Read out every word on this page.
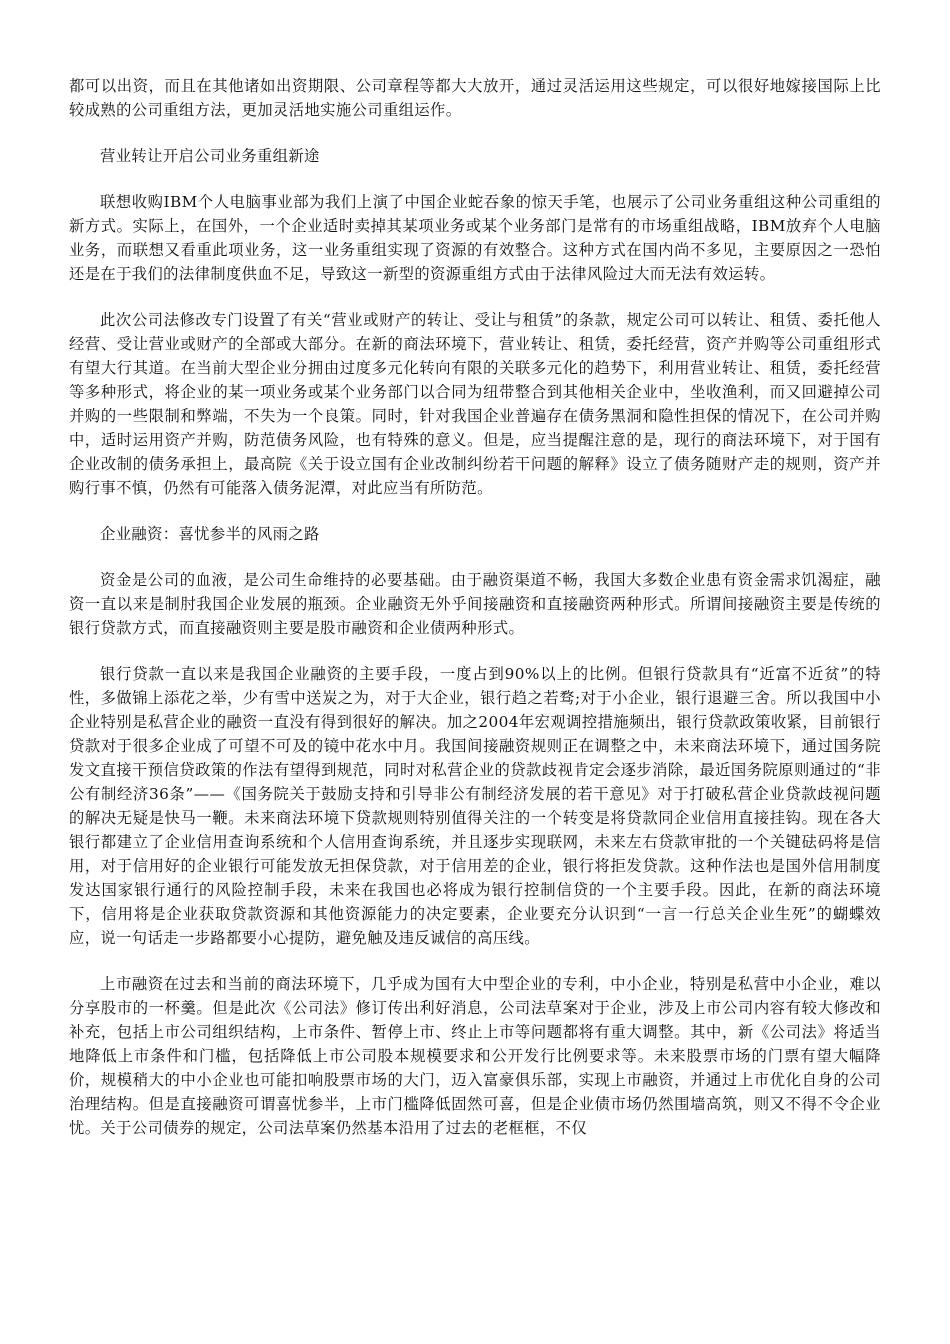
都可以出资，而且在其他诸如出资期限、公司章程等都大大放开，通过灵活运用这些规定，可以很好地嫁接国际上比较成熟的公司重组方法，更加灵活地实施公司重组运作。

营业转让开启公司业务重组新途

联想收购IBM个人电脑事业部为我们上演了中国企业蛇吞象的惊天手笔，也展示了公司业务重组这种公司重组的新方式。实际上，在国外，一个企业适时卖掉其某项业务或某个业务部门是常有的市场重组战略，IBM放弃个人电脑业务，而联想又看重此项业务，这一业务重组实现了资源的有效整合。这种方式在国内尚不多见，主要原因之一恐怕还是在于我们的法律制度供血不足，导致这一新型的资源重组方式由于法律风险过大而无法有效运转。

此次公司法修改专门设置了有关“营业或财产的转让、受让与租赁”的条款，规定公司可以转让、租赁、委托他人经营、受让营业或财产的全部或大部分。在新的商法环境下，营业转让、租赁，委托经营，资产并购等公司重组形式有望大行其道。在当前大型企业分拥由过度多元化转向有限的关联多元化的趋势下，利用营业转让、租赁，委托经营等多种形式，将企业的某一项业务或某个业务部门以合同为纽带整合到其他相关企业中，坐收渔利，而又回避掉公司并购的一些限制和弊端，不失为一个良策。同时，针对我国企业普遍存在债务黑洞和隐性担保的情况下，在公司并购中，适时运用资产并购，防范债务风险，也有特殊的意义。但是，应当提醒注意的是，现行的商法环境下，对于国有企业改制的债务承担上，最高院《关于设立国有企业改制纠纷若干问题的解释》设立了债务随财产走的规则，资产并购行事不慎，仍然有可能落入债务泥潭，对此应当有所防范。

企业融资：喜忧参半的风雨之路

资金是公司的血液，是公司生命维持的必要基础。由于融资渠道不畅，我国大多数企业患有资金需求饥渴症，融资一直以来是制肘我国企业发展的瓶颈。企业融资无外乎间接融资和直接融资两种形式。所谓间接融资主要是传统的银行贷款方式，而直接融资则主要是股市融资和企业债两种形式。

银行贷款一直以来是我国企业融资的主要手段，一度占到90%以上的比例。但银行贷款具有“近富不近贫”的特性，多做锦上添花之举，少有雪中送炭之为，对于大企业，银行趋之若骛;对于小企业，银行退避三舍。所以我国中小企业特别是私营企业的融资一直没有得到很好的解决。加之2004年宏观调控措施频出，银行贷款政策收紧，目前银行贷款对于很多企业成了可望不可及的镜中花水中月。我国间接融资规则正在调整之中，未来商法环境下，通过国务院发文直接干预信贷政策的作法有望得到规范，同时对私营企业的贷款歧视肯定会逐步消除，最近国务院原则通过的“非公有制经济36条”——《国务院关于鼓励支持和引导非公有制经济发展的若干意见》对于打破私营企业贷款歧视问题的解决无疑是快马一鞭。未来商法环境下贷款规则特别值得关注的一个转变是将贷款同企业信用直接挂钩。现在各大银行都建立了企业信用查询系统和个人信用查询系统，并且逐步实现联网，未来左右贷款审批的一个关键砝码将是信用，对于信用好的企业银行可能发放无担保贷款，对于信用差的企业，银行将拒发贷款。这种作法也是国外信用制度发达国家银行通行的风险控制手段，未来在我国也必将成为银行控制信贷的一个主要手段。因此，在新的商法环境下，信用将是企业获取贷款资源和其他资源能力的决定要素，企业要充分认识到“一言一行总关企业生死”的蝴蝶效应，说一句话走一步路都要小心提防，避免触及违反诚信的高压线。

上市融资在过去和当前的商法环境下，几乎成为国有大中型企业的专利，中小企业，特别是私营中小企业，难以分享股市的一杯羹。但是此次《公司法》修订传出利好消息，公司法草案对于企业，涉及上市公司内容有较大修改和补充，包括上市公司组织结构，上市条件、暂停上市、终止上市等问题都将有重大调整。其中，新《公司法》将适当地降低上市条件和门槛，包括降低上市公司股本规模要求和公开发行比例要求等。未来股票市场的门票有望大幅降价，规模稍大的中小企业也可能扣响股票市场的大门，迈入富豪俱乐部，实现上市融资，并通过上市优化自身的公司治理结构。但是直接融资可谓喜忧参半，上市门槛降低固然可喜，但是企业债市场仍然围墙高筑，则又不得不令企业忧。关于公司债券的规定，公司法草案仍然基本沿用了过去的老框框，不仅
